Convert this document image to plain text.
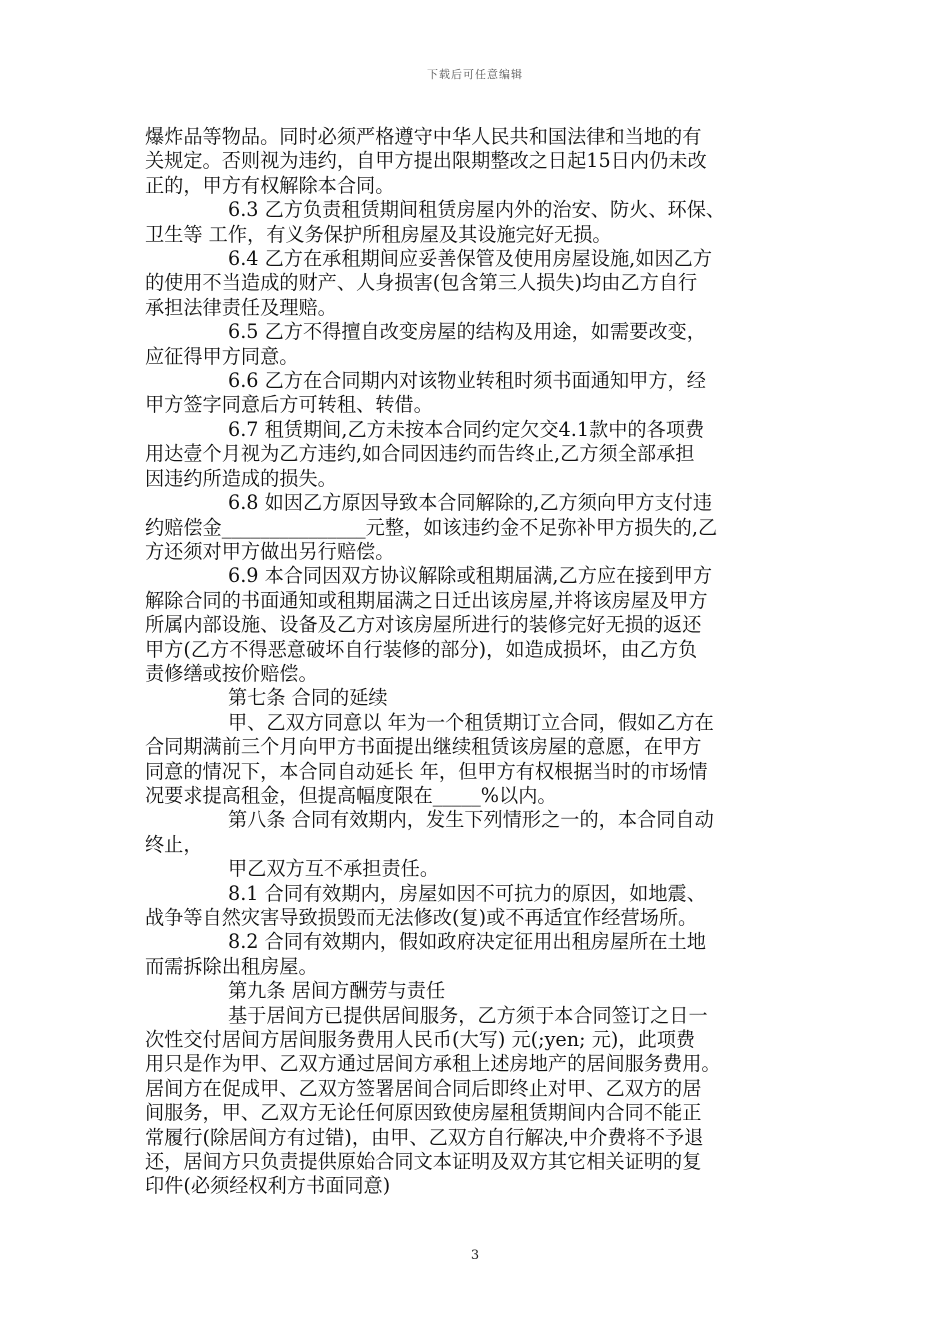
下载后可任意编辑

爆炸品等物品。同时必须严格遵守中华人民共和国法律和当地的有

关规定。否则视为违约，自甲方提出限期整改之日起15日内仍未改

正的，甲方有权解除本合同。

6.3 乙方负责租赁期间租赁房屋内外的治安、防火、环保、

卫生等 工作，有义务保护所租房屋及其设施完好无损。

6.4 乙方在承租期间应妥善保管及使用房屋设施,如因乙方

的使用不当造成的财产、人身损害(包含第三人损失)均由乙方自行

承担法律责任及理赔。

6.5 乙方不得擅自改变房屋的结构及用途，如需要改变，

应征得甲方同意。

6.6 乙方在合同期内对该物业转租时须书面通知甲方，经

甲方签字同意后方可转租、转借。

6.7 租赁期间,乙方未按本合同约定欠交4.1款中的各项费

用达壹个月视为乙方违约,如合同因违约而告终止,乙方须全部承担

因违约所造成的损失。

6.8 如因乙方原因导致本合同解除的,乙方须向甲方支付违

约赔偿金_______________元整，如该违约金不足弥补甲方损失的,乙

方还须对甲方做出另行赔偿。

6.9 本合同因双方协议解除或租期届满,乙方应在接到甲方

解除合同的书面通知或租期届满之日迁出该房屋,并将该房屋及甲方

所属内部设施、设备及乙方对该房屋所进行的装修完好无损的返还

甲方(乙方不得恶意破坏自行装修的部分)，如造成损坏，由乙方负

责修缮或按价赔偿。

第七条 合同的延续

甲、乙双方同意以 年为一个租赁期订立合同，假如乙方在

合同期满前三个月向甲方书面提出继续租赁该房屋的意愿，在甲方

同意的情况下，本合同自动延长 年，但甲方有权根据当时的市场情

况要求提高租金，但提高幅度限在_____%以内。

第八条 合同有效期内，发生下列情形之一的，本合同自动

终止，

甲乙双方互不承担责任。

8.1 合同有效期内，房屋如因不可抗力的原因，如地震、

战争等自然灾害导致损毁而无法修改(复)或不再适宜作经营场所。

8.2 合同有效期内，假如政府决定征用出租房屋所在土地

而需拆除出租房屋。

第九条 居间方酬劳与责任

基于居间方已提供居间服务，乙方须于本合同签订之日一

次性交付居间方居间服务费用人民币(大写) 元(;yen; 元)，此项费

用只是作为甲、乙双方通过居间方承租上述房地产的居间服务费用。

居间方在促成甲、乙双方签署居间合同后即终止对甲、乙双方的居

间服务，甲、乙双方无论任何原因致使房屋租赁期间内合同不能正

常履行(除居间方有过错)，由甲、乙双方自行解决,中介费将不予退

还，居间方只负责提供原始合同文本证明及双方其它相关证明的复

印件(必须经权利方书面同意)

3
